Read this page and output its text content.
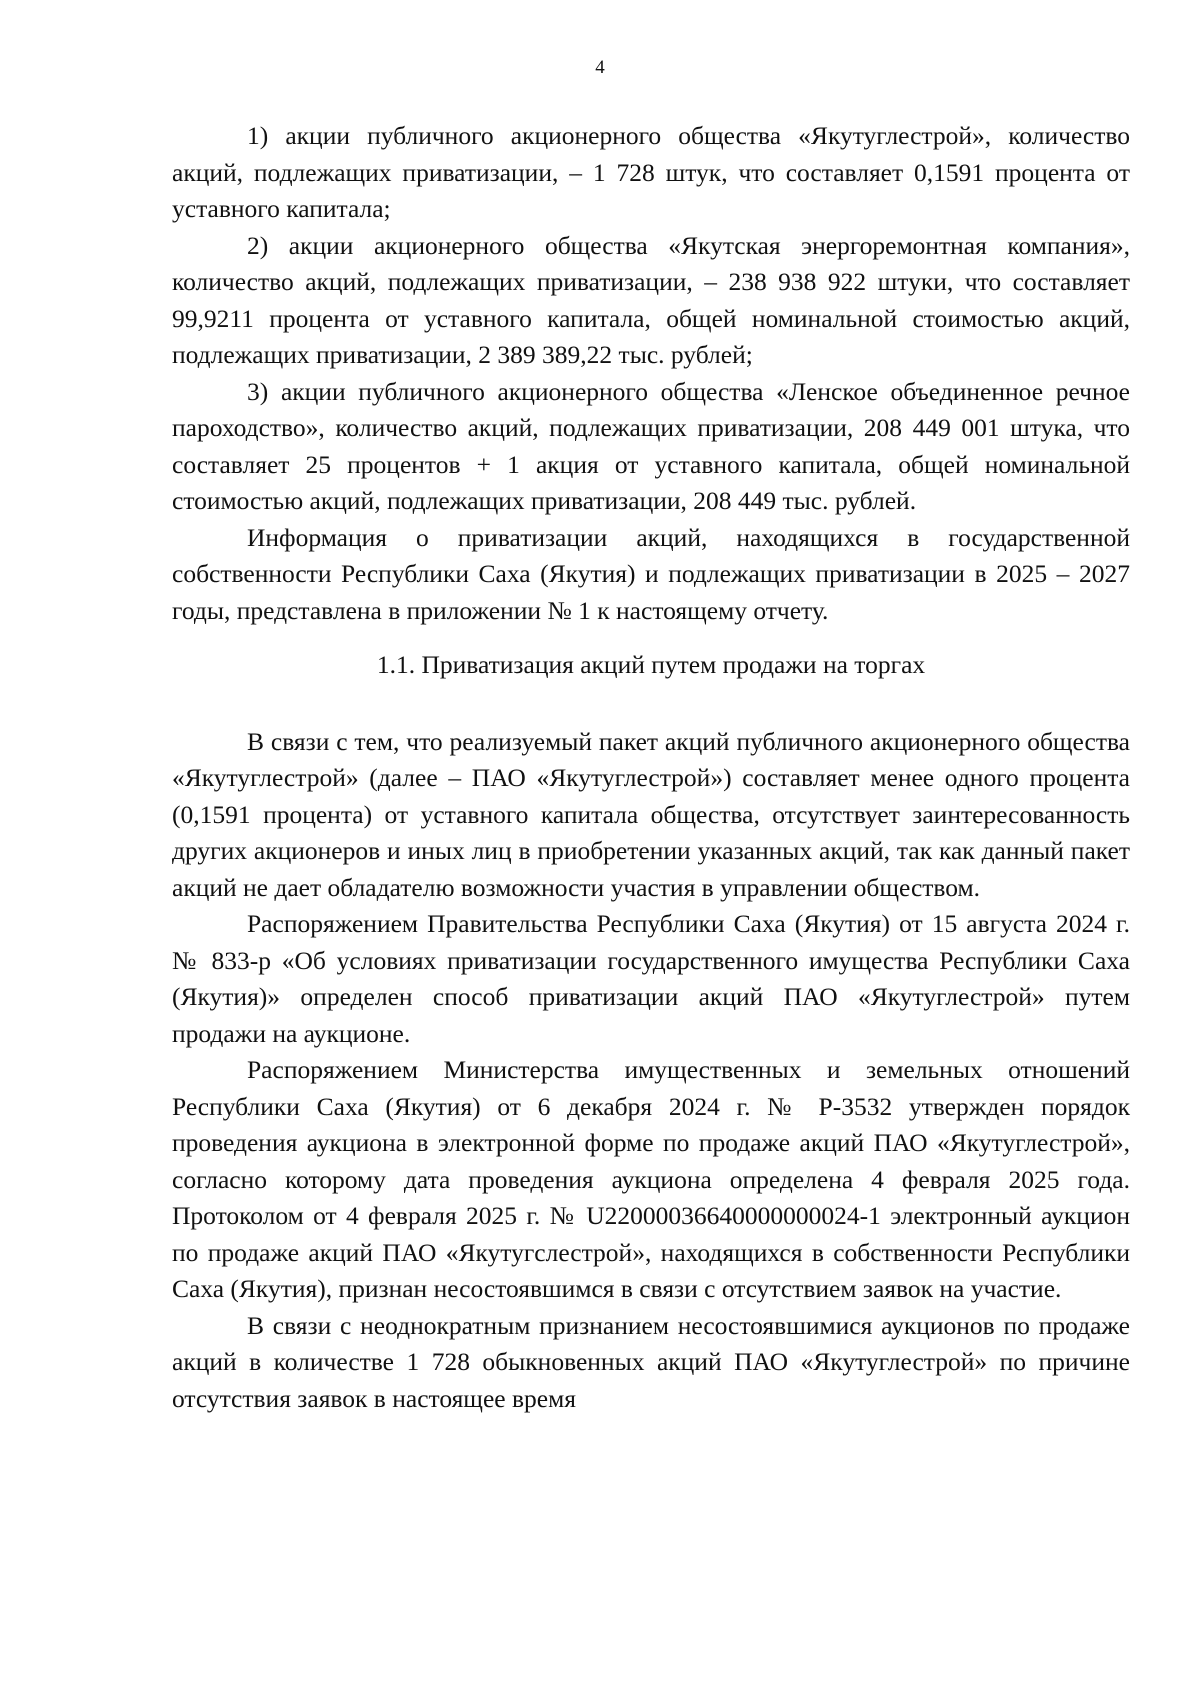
4

1) акции публичного акционерного общества «Якутуглестрой», количество акций, подлежащих приватизации, – 1 728 штук, что составляет 0,1591 процента от уставного капитала;

2) акции акционерного общества «Якутская энергоремонтная компания», количество акций, подлежащих приватизации, – 238 938 922 штуки, что составляет 99,9211 процента от уставного капитала, общей номинальной стоимостью акций, подлежащих приватизации, 2 389 389,22 тыс. рублей;

3) акции публичного акционерного общества «Ленское объединенное речное пароходство», количество акций, подлежащих приватизации, 208 449 001 штука, что составляет 25 процентов + 1 акция от уставного капитала, общей номинальной стоимостью акций, подлежащих приватизации, 208 449 тыс. рублей.

Информация о приватизации акций, находящихся в государственной собственности Республики Саха (Якутия) и подлежащих приватизации в 2025 – 2027 годы, представлена в приложении № 1 к настоящему отчету.

1.1. Приватизация акций путем продажи на торгах

В связи с тем, что реализуемый пакет акций публичного акционерного общества «Якутуглестрой» (далее – ПАО «Якутуглестрой») составляет менее одного процента (0,1591 процента) от уставного капитала общества, отсутствует заинтересованность других акционеров и иных лиц в приобретении указанных акций, так как данный пакет акций не дает обладателю возможности участия в управлении обществом.

Распоряжением Правительства Республики Саха (Якутия) от 15 августа 2024 г. № 833-р «Об условиях приватизации государственного имущества Республики Саха (Якутия)» определен способ приватизации акций ПАО «Якутуглестрой» путем продажи на аукционе.

Распоряжением Министерства имущественных и земельных отношений Республики Саха (Якутия) от 6 декабря 2024 г. № Р-3532 утвержден порядок проведения аукциона в электронной форме по продаже акций ПАО «Якутуглестрой», согласно которому дата проведения аукциона определена 4 февраля 2025 года. Протоколом от 4 февраля 2025 г. № U22000036640000000024-1 электронный аукцион по продаже акций ПАО «Якутугслестрой», находящихся в собственности Республики Саха (Якутия), признан несостоявшимся в связи с отсутствием заявок на участие.

В связи с неоднократным признанием несостоявшимися аукционов по продаже акций в количестве 1 728 обыкновенных акций ПАО «Якутуглестрой» по причине отсутствия заявок в настоящее время
